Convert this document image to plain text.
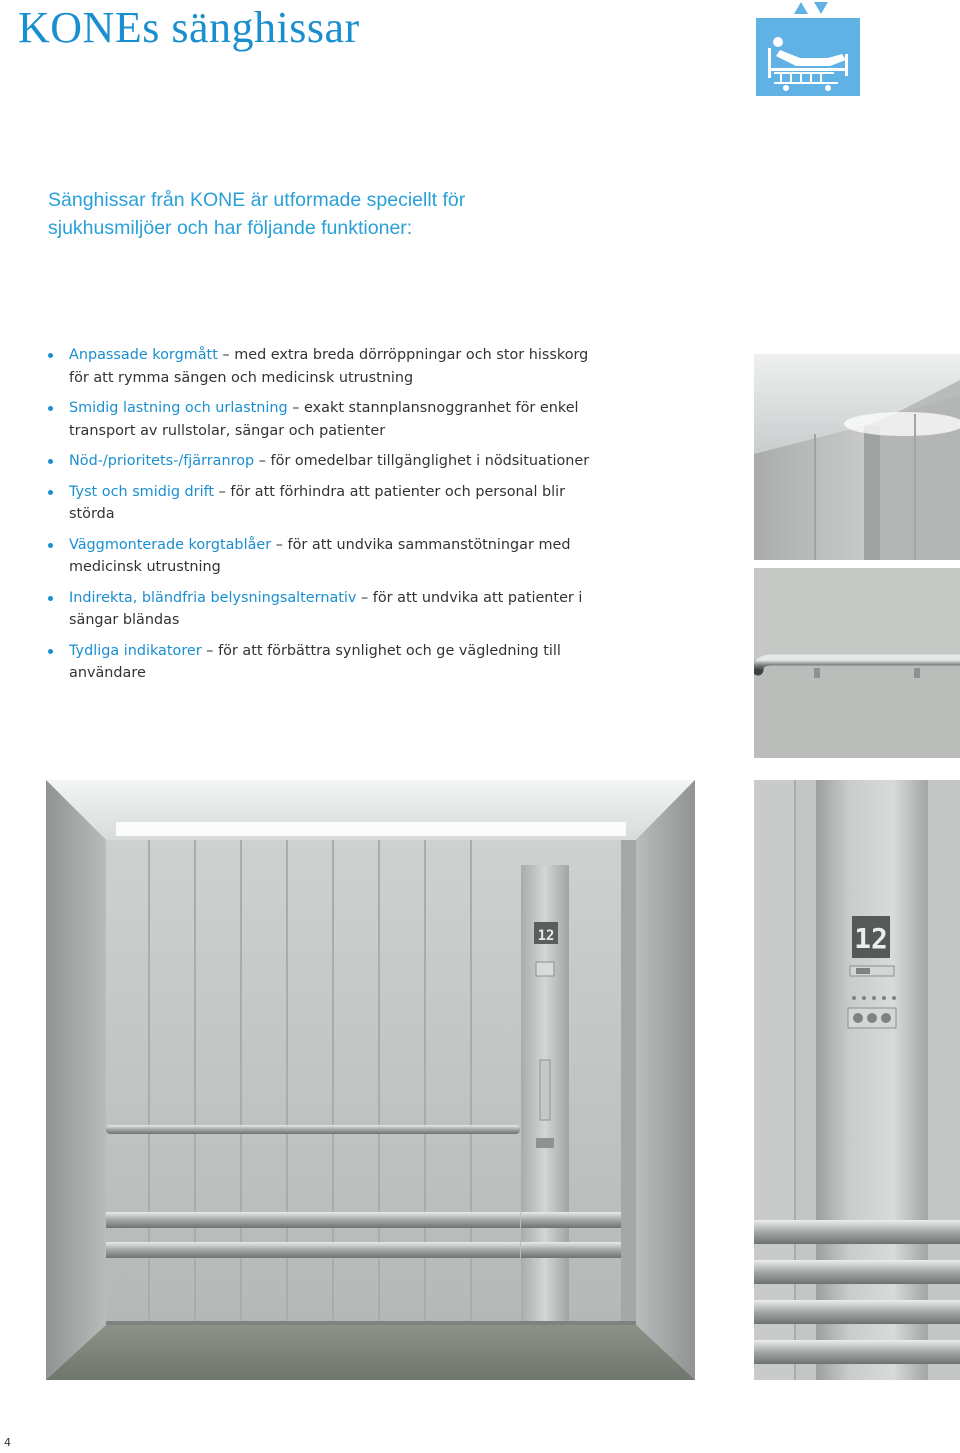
KONEs sänghissar

Sänghissar från KONE är utformade speciellt för

sjukhusmiljöer och har följande funktioner:

Anpassade korgmått – med extra breda dörröppningar och stor hisskorg för att rymma sängen och medicinsk utrustning
Smidig lastning och urlastning – exakt stannplansnoggranhet för enkel transport av rullstolar, sängar och patienter
Nöd-/prioritets-/fjärranrop – för omedelbar tillgänglighet i nödsituationer
Tyst och smidig drift – för att förhindra att patienter och personal blir störda
Väggmonterade korgtablåer – för att undvika sammanstötningar med medicinsk utrustning
Indirekta, bländfria belysningsalternativ – för att undvika att patienter i sängar bländas
Tydliga indikatorer – för att förbättra synlighet och ge vägledning till användare
12	12
4
